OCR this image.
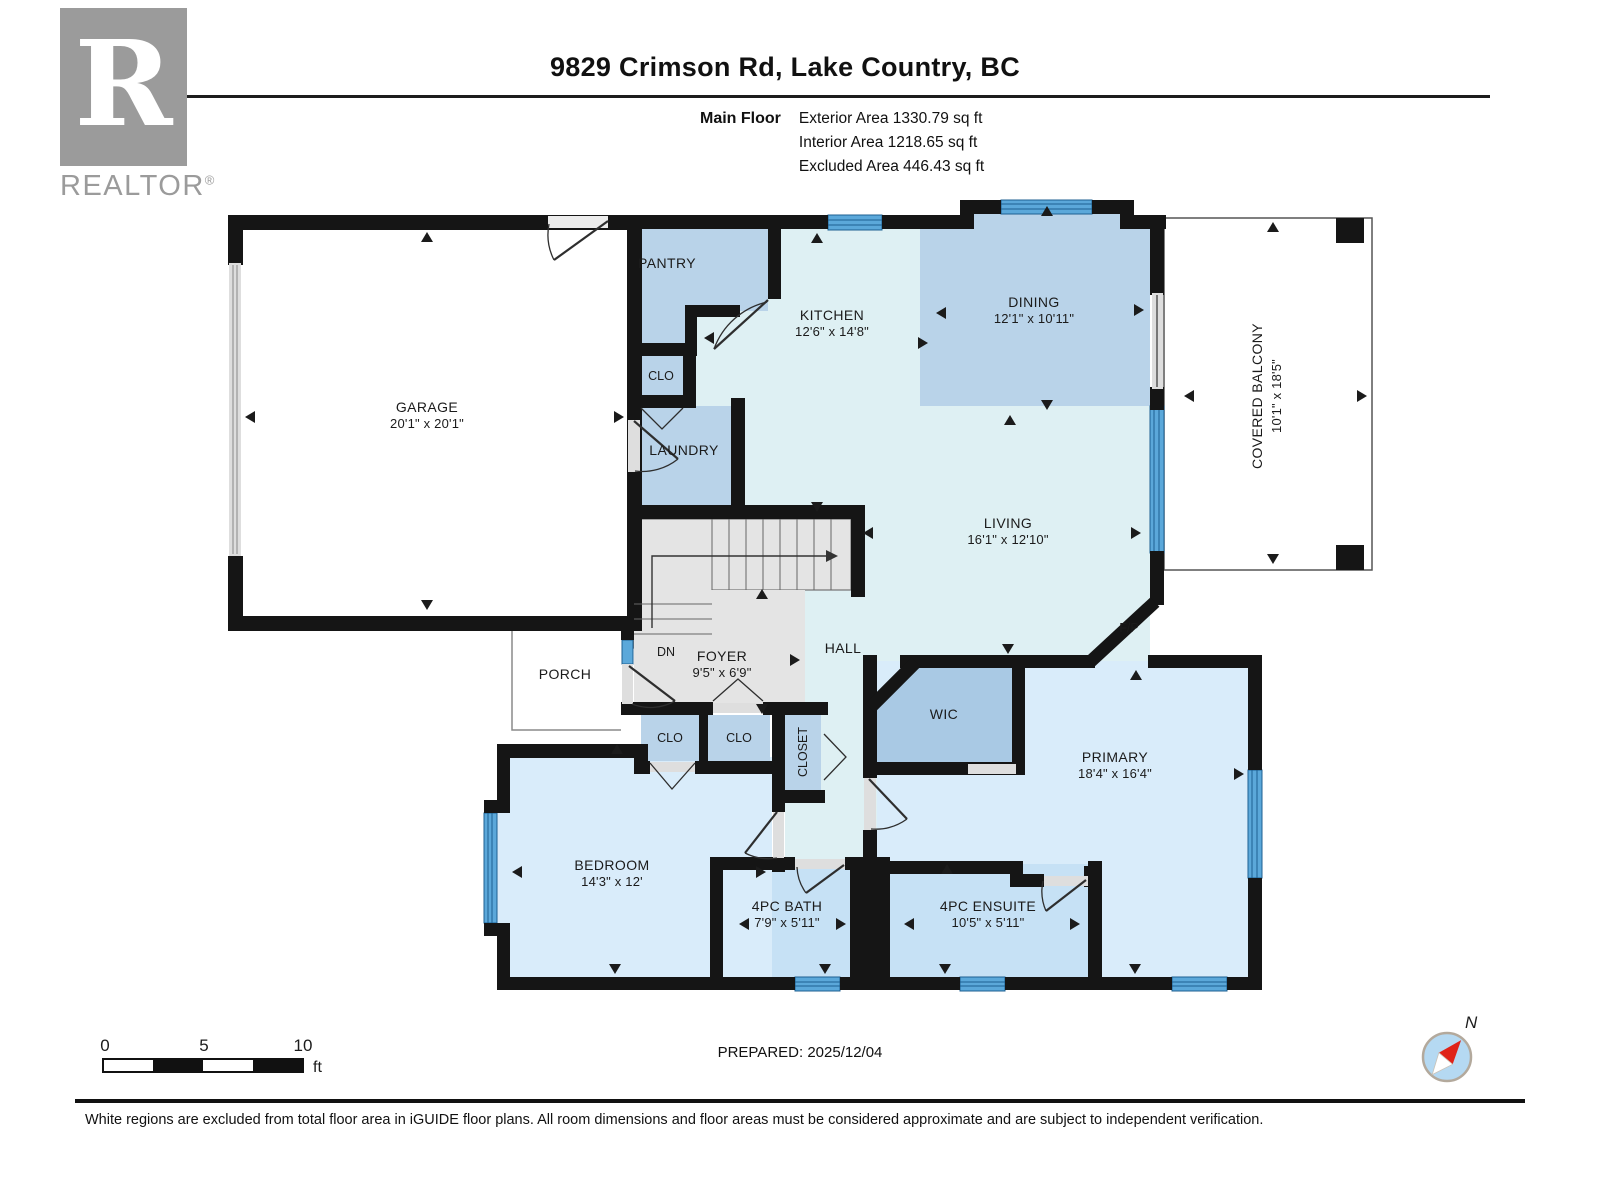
9829 Crimson Rd, Lake Country, BC
Main Floor Exterior Area 1330.79 sq ft
Interior Area 1218.65 sq ft
Excluded Area 446.43 sq ft
R
REALTOR®
GARAGE
20'1" x 20'1"
PANTRY
KITCHEN
12'6" x 14'8"
DINING
12'1" x 10'11"
COVERED BALCONY 10'1" x 18'5"
CLO
LAUNDRY
LIVING
16'1" x 12'10"
DN
PORCH
FOYER
9'5" x 6'9"
HALL
F/P
WIC
PRIMARY
18'4" x 16'4"
CLO	CLO	CLOSET
BEDROOM
14'3" x 12'
4PC BATH
7'9" x 5'11"
4PC ENSUITE
10'5" x 5'11"
0	5	10
ft
N
PREPARED: 2025/12/04
White regions are excluded from total floor area in iGUIDE floor plans. All room dimensions and floor areas must be considered approximate and are subject to independent verification.
